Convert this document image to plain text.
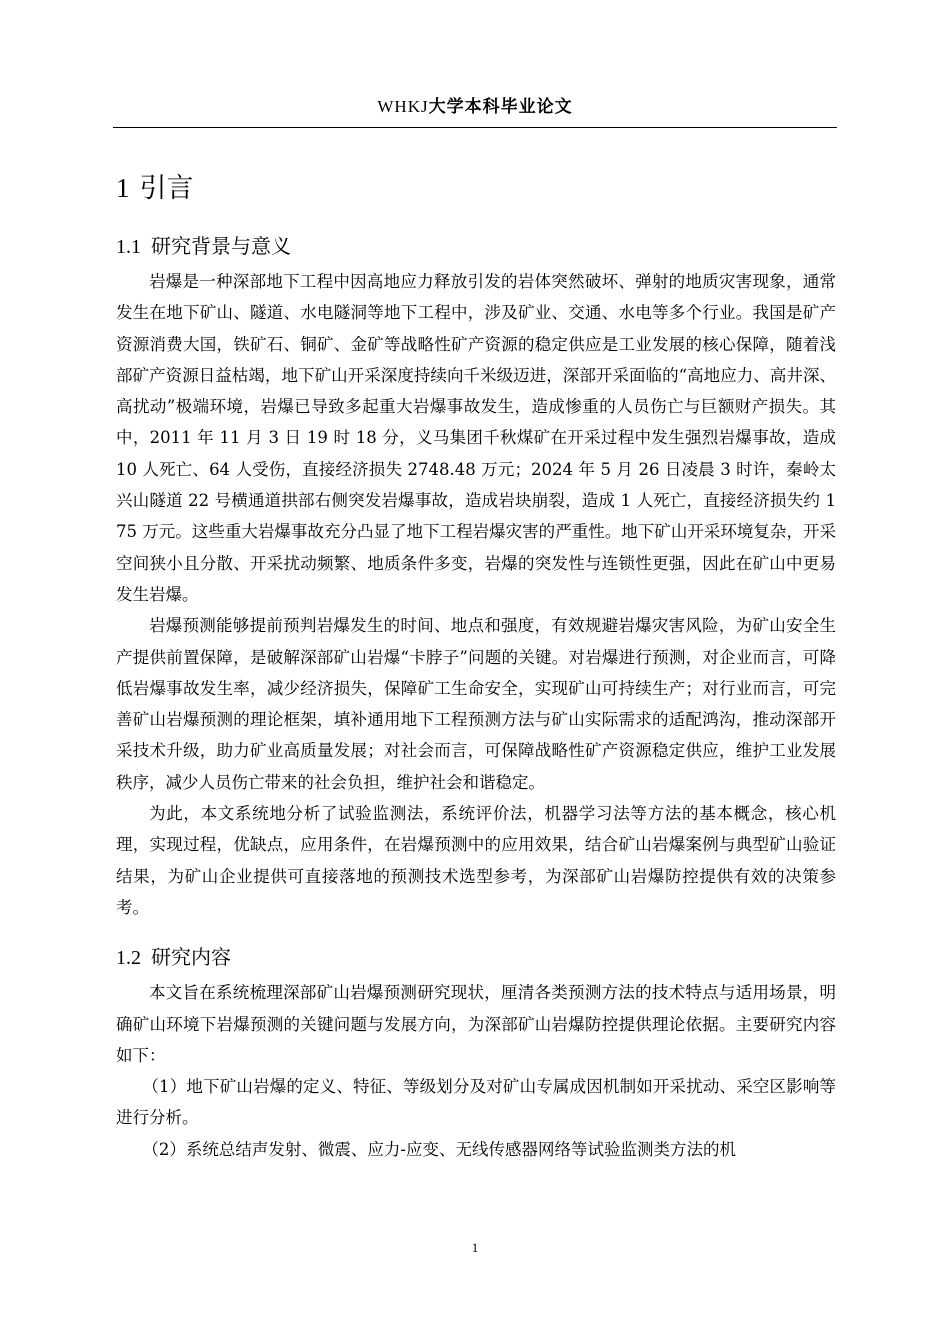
WHKJ大学本科毕业论文
1 引言
1.1 研究背景与意义

岩爆是一种深部地下工程中因高地应力释放引发的岩体突然破坏、弹射的地质灾害现象，通常发生在地下矿山、隧道、水电隧洞等地下工程中，涉及矿业、交通、水电等多个行业。我国是矿产资源消费大国，铁矿石、铜矿、金矿等战略性矿产资源的稳定供应是工业发展的核心保障，随着浅部矿产资源日益枯竭，地下矿山开采深度持续向千米级迈进，深部开采面临的“高地应力、高井深、高扰动”极端环境，岩爆已导致多起重大岩爆事故发生，造成惨重的人员伤亡与巨额财产损失。其中，2011 年 11 月 3 日 19 时 18 分，义马集团千秋煤矿在开采过程中发生强烈岩爆事故，造成 10 人死亡、64 人受伤，直接经济损失 2748.48 万元；2024 年 5 月 26 日凌晨 3 时许，秦岭太兴山隧道 22 号横通道拱部右侧突发岩爆事故，造成岩块崩裂，造成 1 人死亡，直接经济损失约 175 万元。这些重大岩爆事故充分凸显了地下工程岩爆灾害的严重性。地下矿山开采环境复杂，开采空间狭小且分散、开采扰动频繁、地质条件多变，岩爆的突发性与连锁性更强，因此在矿山中更易发生岩爆。

岩爆预测能够提前预判岩爆发生的时间、地点和强度，有效规避岩爆灾害风险，为矿山安全生产提供前置保障，是破解深部矿山岩爆“卡脖子”问题的关键。对岩爆进行预测，对企业而言，可降低岩爆事故发生率，减少经济损失，保障矿工生命安全，实现矿山可持续生产；对行业而言，可完善矿山岩爆预测的理论框架，填补通用地下工程预测方法与矿山实际需求的适配鸿沟，推动深部开采技术升级，助力矿业高质量发展；对社会而言，可保障战略性矿产资源稳定供应，维护工业发展秩序，减少人员伤亡带来的社会负担，维护社会和谐稳定。

为此，本文系统地分析了试验监测法，系统评价法，机器学习法等方法的基本概念，核心机理，实现过程，优缺点，应用条件，在岩爆预测中的应用效果，结合矿山岩爆案例与典型矿山验证结果，为矿山企业提供可直接落地的预测技术选型参考，为深部矿山岩爆防控提供有效的决策参考。

1.2 研究内容

本文旨在系统梳理深部矿山岩爆预测研究现状，厘清各类预测方法的技术特点与适用场景，明确矿山环境下岩爆预测的关键问题与发展方向，为深部矿山岩爆防控提供理论依据。主要研究内容如下：

（1）地下矿山岩爆的定义、特征、等级划分及对矿山专属成因机制如开采扰动、采空区影响等进行分析。

（2）系统总结声发射、微震、应力-应变、无线传感器网络等试验监测类方法的机

1
